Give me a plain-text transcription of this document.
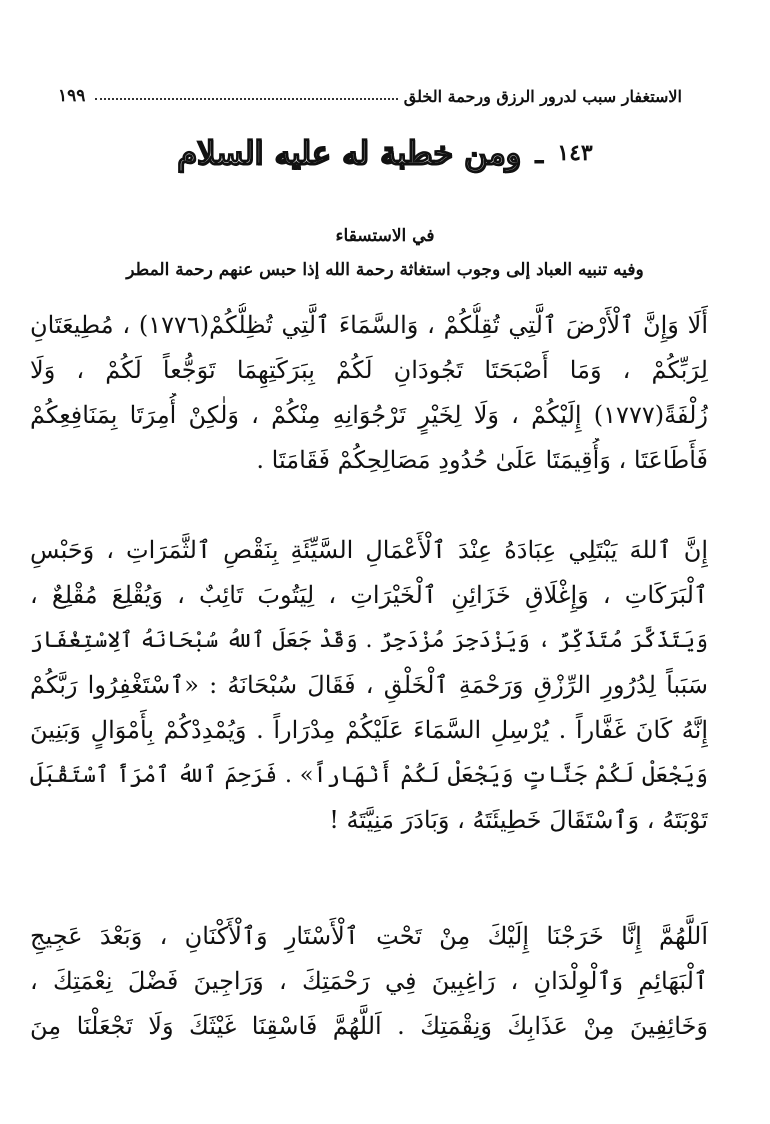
١٩٩	الاستغفار سبب لدرور الرزق ورحمة الخلق
ومن خطبة له عليه السلام ـ ١٤٣
في الاستسقاء
وفيه تنبيه العباد إلى وجوب استغاثة رحمة الله إذا حبس عنهم رحمة المطر
أَلَا وَإِنَّ ٱلْأَرْضَ ٱلَّتِي تُقِلُّكُمْ ، وَالسَّمَاءَ ٱلَّتِي تُظِلُّكُمْ(١٧٧٦) ، مُطِيعَتَانِ
لِرَبِّكُمْ ، وَمَا أَصْبَحَتَا تَجُودَانِ لَكُمْ بِبَرَكَتِهِمَا تَوَجُّعاً لَكُمْ ، وَلَا
زُلْفَةً(١٧٧٧) إِلَيْكُمْ ، وَلَا لِخَيْرٍ تَرْجُوَانِهِ مِنْكُمْ ، وَلٰكِنْ أُمِرَتَا بِمَنَافِعِكُمْ
فَأَطَاعَتَا ، وَأُقِيمَتَا عَلَىٰ حُدُودِ مَصَالِحِكُمْ فَقَامَتَا .
إِنَّ ٱللهَ يَبْتَلِي عِبَادَهُ عِنْدَ ٱلْأَعْمَالِ السَّيِّئَةِ بِنَقْصِ ٱلثَّمَرَاتِ ، وَحَبْسِ
ٱلْبَرَكَاتِ ، وَإِغْلَاقِ خَزَائِنِ ٱلْخَيْرَاتِ ، لِيَتُوبَ تَائِبٌ ، وَيُقْلِعَ مُقْلِعٌ ،
وَيَتَذَكَّرَ مُتَذَكِّرٌ ، وَيَزْدَجِرَ مُزْدَجِرٌ . وَقَدْ جَعَلَ ٱللهُ سُبْحَانَهُ ٱلِاسْتِغْفَارَ
سَبَباً لِدُرُورِ الرِّزْقِ وَرَحْمَةِ ٱلْخَلْقِ ، فَقَالَ سُبْحَانَهُ : «ٱسْتَغْفِرُوا رَبَّكُمْ
إِنَّهُ كَانَ غَفَّاراً . يُرْسِلِ السَّمَاءَ عَلَيْكُمْ مِدْرَاراً . وَيُمْدِدْكُمْ بِأَمْوَالٍ وَبَنِينَ
وَيَجْعَلْ لَكُمْ جَنَّاتٍ وَيَجْعَلْ لَكُمْ أَنْهَاراً» . فَرَحِمَ ٱللهُ ٱمْرَأً ٱسْتَقْبَلَ
تَوْبَتَهُ ، وَٱسْتَقَالَ خَطِيئَتَهُ ، وَبَادَرَ مَنِيَّتَهُ !
اَللَّهُمَّ إِنَّا خَرَجْنَا إِلَيْكَ مِنْ تَحْتِ ٱلْأَسْتَارِ وَٱلْأَكْنَانِ ، وَبَعْدَ عَجِيجِ
ٱلْبَهَائِمِ وَٱلْوِلْدَانِ ، رَاغِبِينَ فِي رَحْمَتِكَ ، وَرَاجِينَ فَضْلَ نِعْمَتِكَ ،
وَخَائِفِينَ مِنْ عَذَابِكَ وَنِقْمَتِكَ . اَللَّهُمَّ فَاسْقِنَا غَيْثَكَ وَلَا تَجْعَلْنَا مِنَ
